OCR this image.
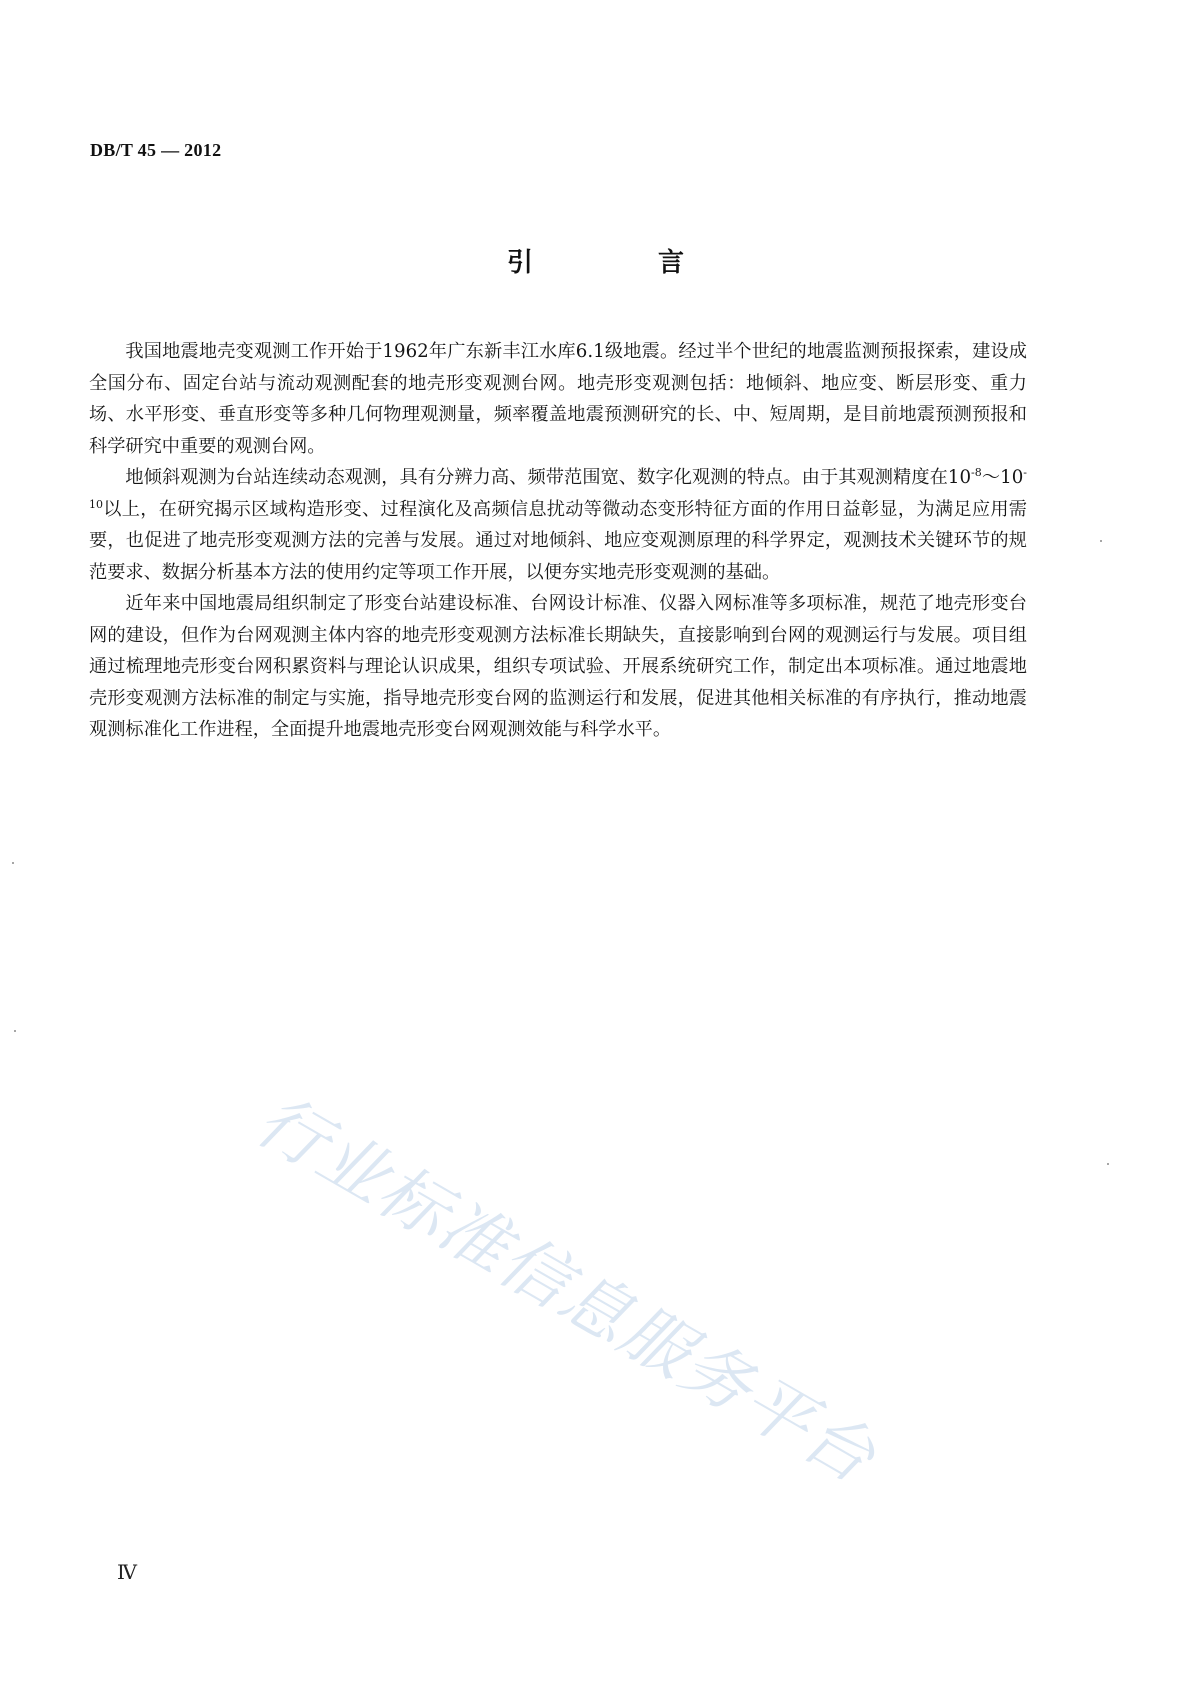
DB/T 45 — 2012
引 言

我国地震地壳变观测工作开始于1962年广东新丰江水库6.1级地震。经过半个世纪的地震监测预报探索，建设成全国分布、固定台站与流动观测配套的地壳形变观测台网。地壳形变观测包括：地倾斜、地应变、断层形变、重力场、水平形变、垂直形变等多种几何物理观测量，频率覆盖地震预测研究的长、中、短周期，是目前地震预测预报和科学研究中重要的观测台网。

地倾斜观测为台站连续动态观测，具有分辨力高、频带范围宽、数字化观测的特点。由于其观测精度在$10^{-8}\sim 10^{-10}$以上，在研究揭示区域构造形变、过程演化及高频信息扰动等微动态变形特征方面的作用日益彰显，为满足应用需要，也促进了地壳形变观测方法的完善与发展。通过对地倾斜、地应变观测原理的科学界定，观测技术关键环节的规范要求、数据分析基本方法的使用约定等项工作开展，以便夯实地壳形变观测的基础。

近年来中国地震局组织制定了形变台站建设标准、台网设计标准、仪器入网标准等多项标准，规范了地壳形变台网的建设，但作为台网观测主体内容的地壳形变观测方法标准长期缺失，直接影响到台网的观测运行与发展。项目组通过梳理地壳形变台网积累资料与理论认识成果，组织专项试验、开展系统研究工作，制定出本项标准。通过地震地壳形变观测方法标准的制定与实施，指导地壳形变台网的监测运行和发展，促进其他相关标准的有序执行，推动地震观测标准化工作进程，全面提升地震地壳形变台网观测效能与科学水平。

行业标准信息服务平台
Ⅳ
